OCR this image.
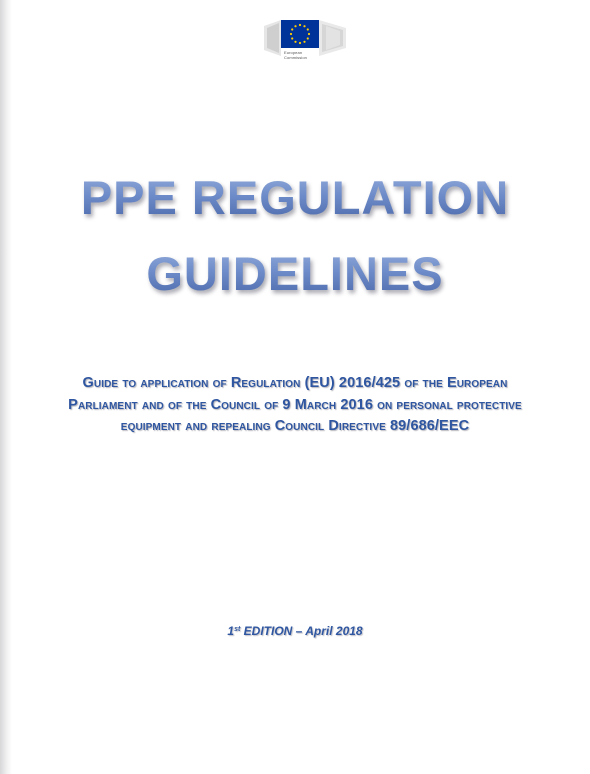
European
Commission
PPE REGULATION
GUIDELINES
Guide to application of Regulation (EU) 2016/425 of the European Parliament and of the Council of 9 March 2016 on personal protective equipment and repealing Council Directive 89/686/EEC
1st EDITION – April 2018
